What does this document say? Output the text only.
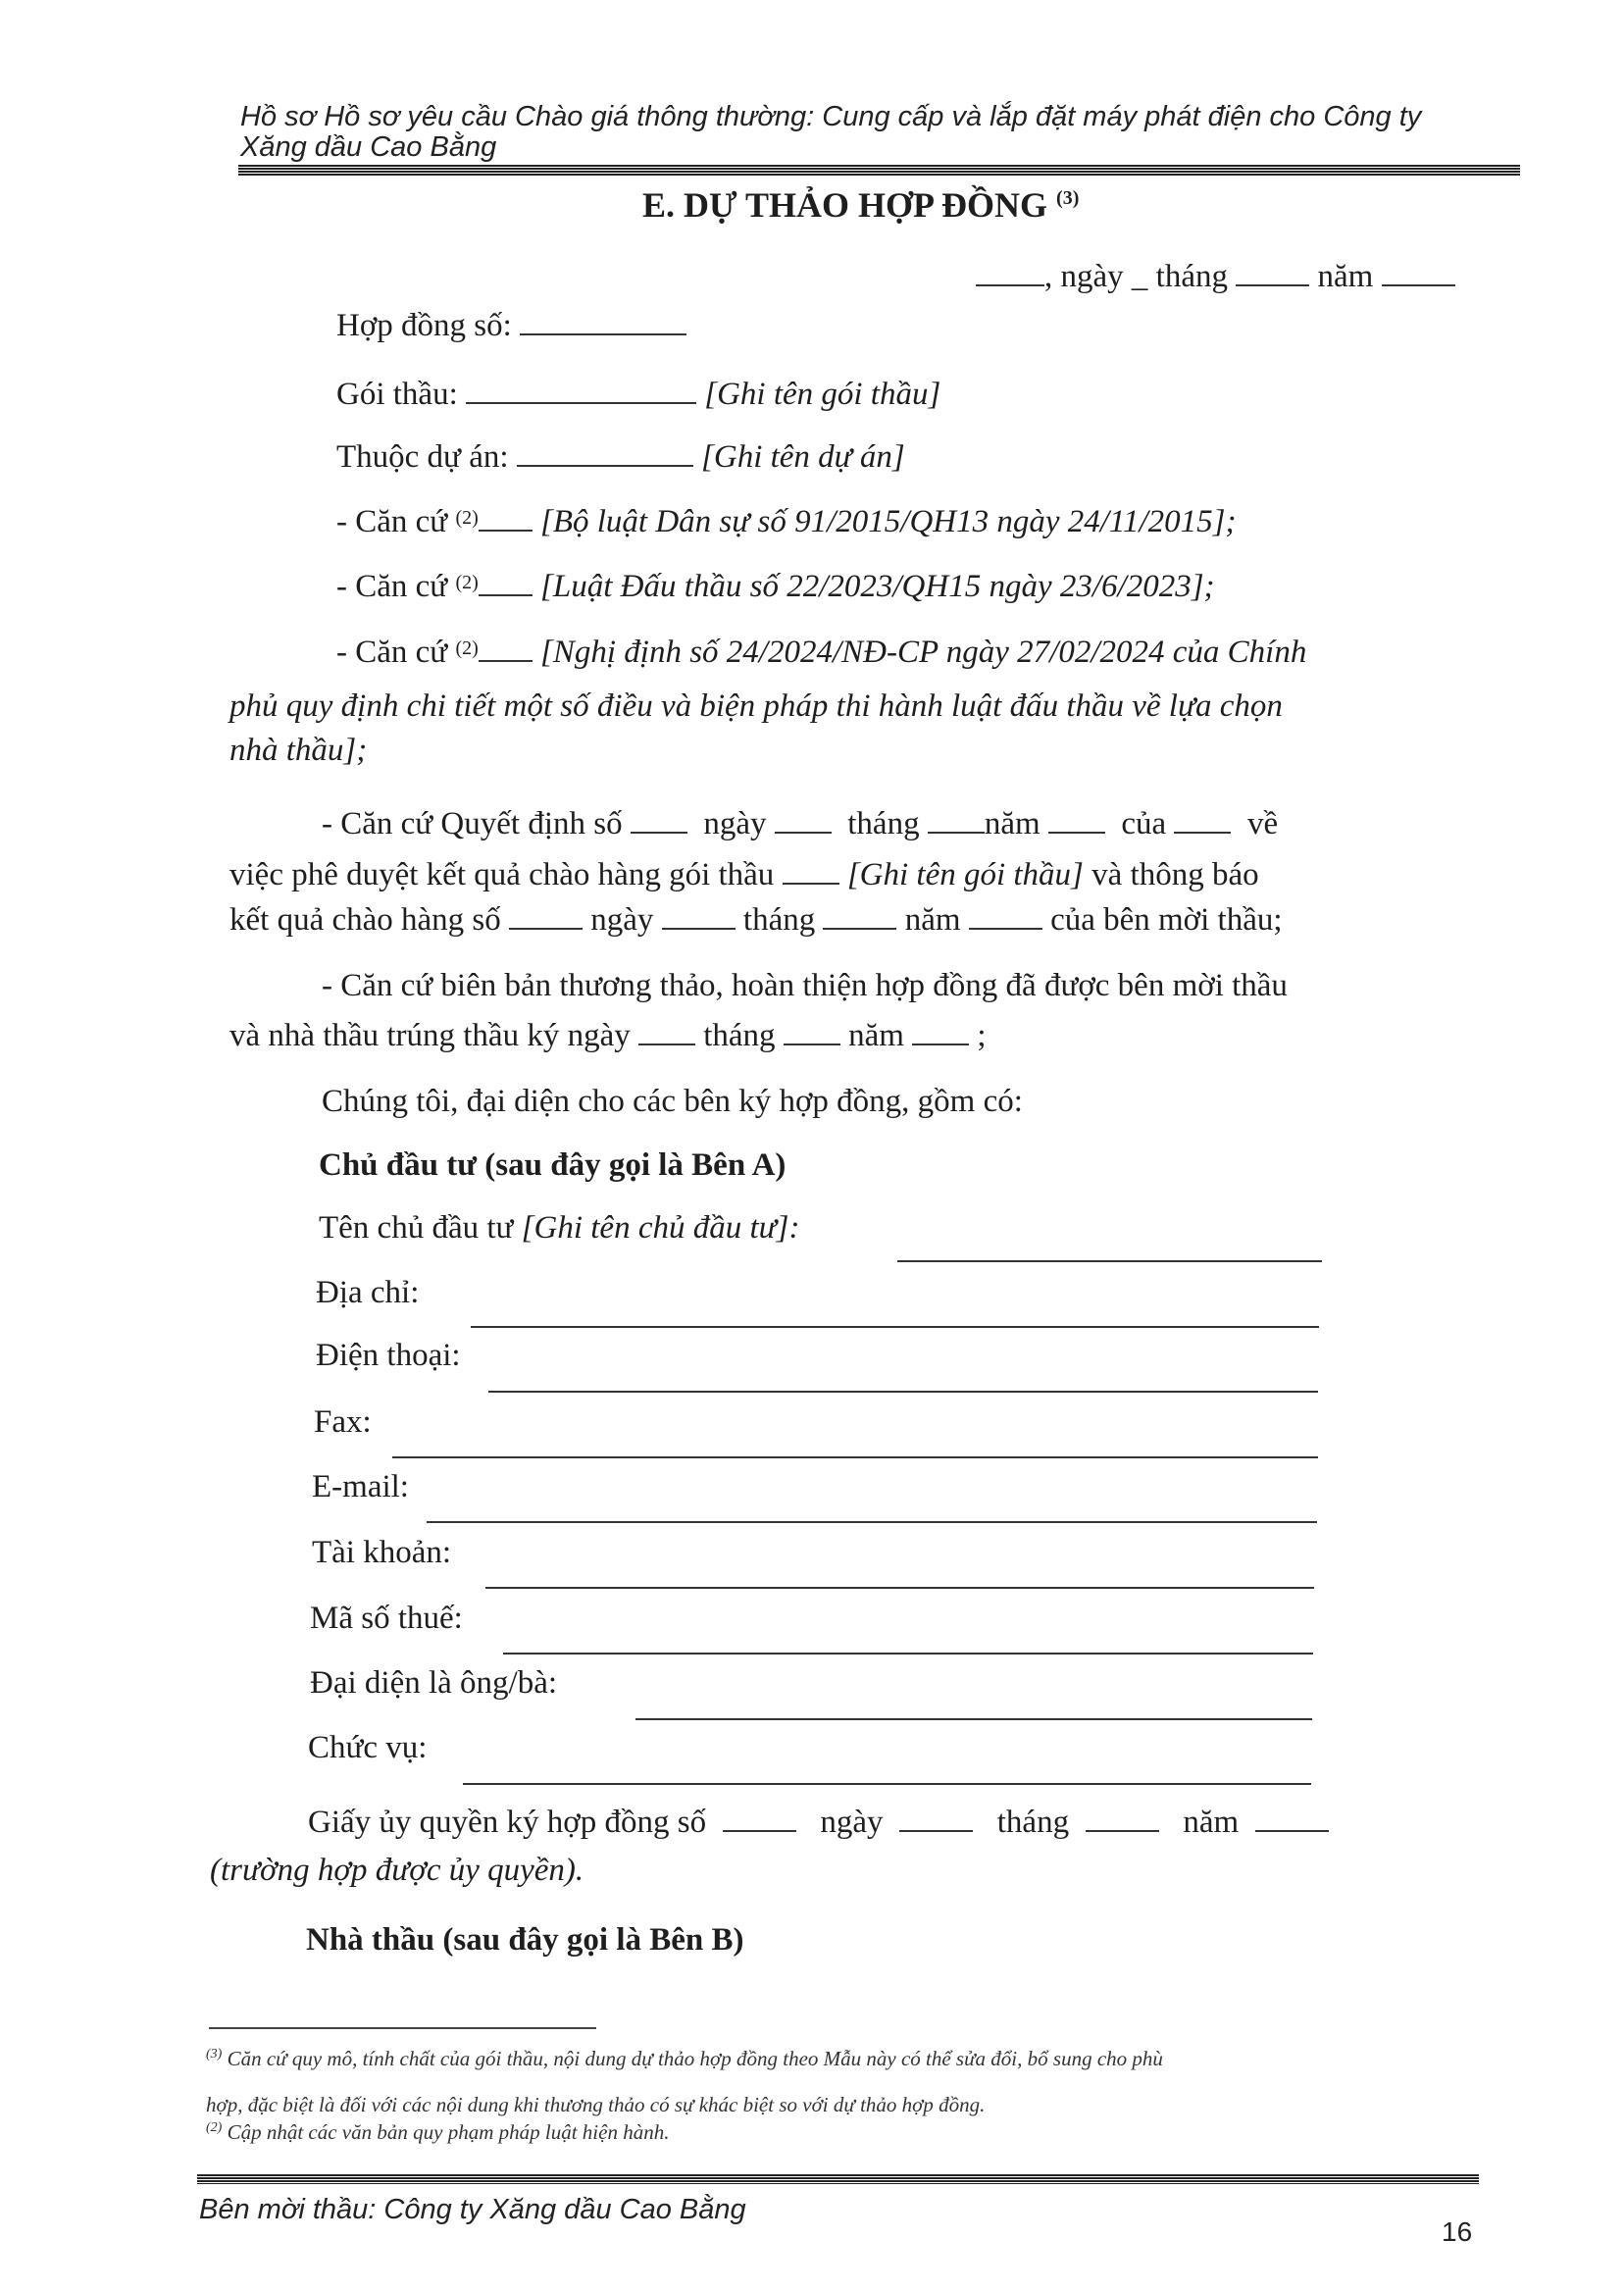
Hồ sơ Hồ sơ yêu cầu Chào giá thông thường: Cung cấp và lắp đặt máy phát điện cho Công ty
Xăng dầu Cao Bằng
E. DỰ THẢO HỢP ĐỒNG $^{(3)}$
, ngày _ tháng	năm
Hợp đồng số:
Gói thầu:	[Ghi tên gói thầu]
Thuộc dự án:	[Ghi tên dự án]
- Căn cứ $^{(2)}$ [Bộ luật Dân sự số 91/2015/QH13 ngày 24/11/2015];
- Căn cứ $^{(2)}$ [Luật Đấu thầu số 22/2023/QH15 ngày 23/6/2023];
- Căn cứ $^{(2)}$ [Nghị định số 24/2024/NĐ-CP ngày 27/02/2024 của Chính
phủ quy định chi tiết một số điều và biện pháp thi hành luật đấu thầu về lựa chọn
nhà thầu];
- Căn cứ Quyết định số	ngày	tháng năm	của	về
việc phê duyệt kết quả chào hàng gói thầu [Ghi tên gói thầu] và thông báo
kết quả chào hàng số	ngày	tháng	năm	của bên mời thầu;
- Căn cứ biên bản thương thảo, hoàn thiện hợp đồng đã được bên mời thầu
và nhà thầu trúng thầu ký ngày tháng năm ;
Chúng tôi, đại diện cho các bên ký hợp đồng, gồm có:
Chủ đầu tư (sau đây gọi là Bên A)
Tên chủ đầu tư [Ghi tên chủ đầu tư]:
Địa chỉ:
Điện thoại:
Fax:
E-mail:
Tài khoản:
Mã số thuế:
Đại diện là ông/bà:
Chức vụ:
Giấy ủy quyền ký hợp đồng số	ngày	tháng	năm
(trường hợp được ủy quyền).
Nhà thầu (sau đây gọi là Bên B)
$^{(3)}$ Căn cứ quy mô, tính chất của gói thầu, nội dung dự thảo hợp đồng theo Mẫu này có thể sửa đổi, bổ sung cho phù
hợp, đặc biệt là đối với các nội dung khi thương thảo có sự khác biệt so với dự thảo hợp đồng.
$^{(2)}$ Cập nhật các văn bản quy phạm pháp luật hiện hành.
Bên mời thầu: Công ty Xăng dầu Cao Bằng
16
